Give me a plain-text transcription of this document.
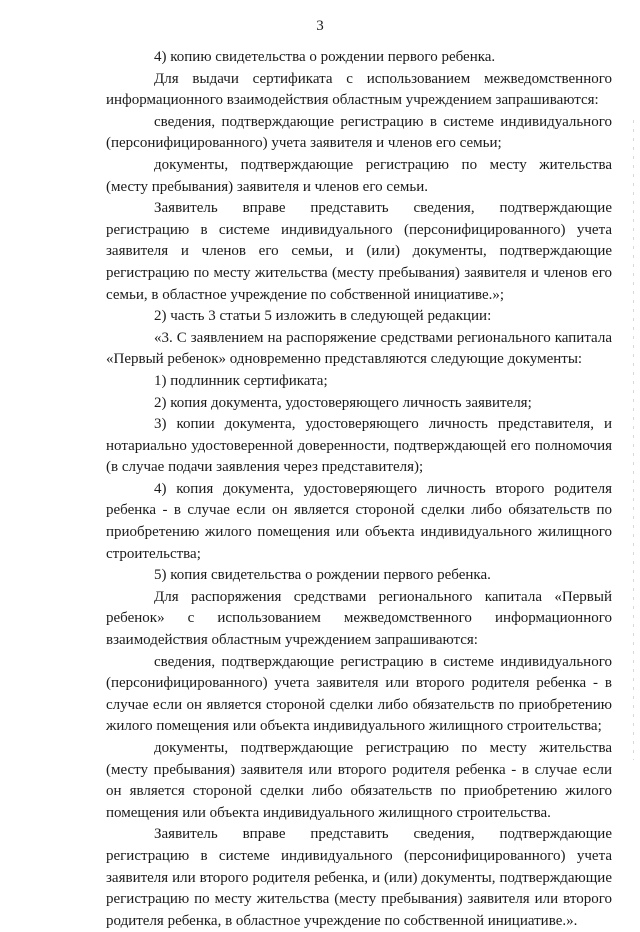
3

4) копию свидетельства о рождении первого ребенка.

Для выдачи сертификата с использованием межведомственного информационного взаимодействия областным учреждением запрашиваются:

сведения, подтверждающие регистрацию в системе индивидуального (персонифицированного) учета заявителя и членов его семьи;

документы, подтверждающие регистрацию по месту жительства (месту пребывания) заявителя и членов его семьи.

Заявитель вправе представить сведения, подтверждающие регистрацию в системе индивидуального (персонифицированного) учета заявителя и членов его семьи, и (или) документы, подтверждающие регистрацию по месту жительства (месту пребывания) заявителя и членов его семьи, в областное учреждение по собственной инициативе.»;

2) часть 3 статьи 5 изложить в следующей редакции:

«3. С заявлением на распоряжение средствами регионального капитала «Первый ребенок» одновременно представляются следующие документы:

1) подлинник сертификата;

2) копия документа, удостоверяющего личность заявителя;

3) копии документа, удостоверяющего личность представителя, и нотариально удостоверенной доверенности, подтверждающей его полномочия (в случае подачи заявления через представителя);

4) копия документа, удостоверяющего личность второго родителя ребенка - в случае если он является стороной сделки либо обязательств по приобретению жилого помещения или объекта индивидуального жилищного строительства;

5) копия свидетельства о рождении первого ребенка.

Для распоряжения средствами регионального капитала «Первый ребенок» с использованием межведомственного информационного взаимодействия областным учреждением запрашиваются:

сведения, подтверждающие регистрацию в системе индивидуального (персонифицированного) учета заявителя или второго родителя ребенка - в случае если он является стороной сделки либо обязательств по приобретению жилого помещения или объекта индивидуального жилищного строительства;

документы, подтверждающие регистрацию по месту жительства (месту пребывания) заявителя или второго родителя ребенка - в случае если он является стороной сделки либо обязательств по приобретению жилого помещения или объекта индивидуального жилищного строительства.

Заявитель вправе представить сведения, подтверждающие регистрацию в системе индивидуального (персонифицированного) учета заявителя или второго родителя ребенка, и (или) документы, подтверждающие регистрацию по месту жительства (месту пребывания) заявителя или второго родителя ребенка, в областное учреждение по собственной инициативе.».
